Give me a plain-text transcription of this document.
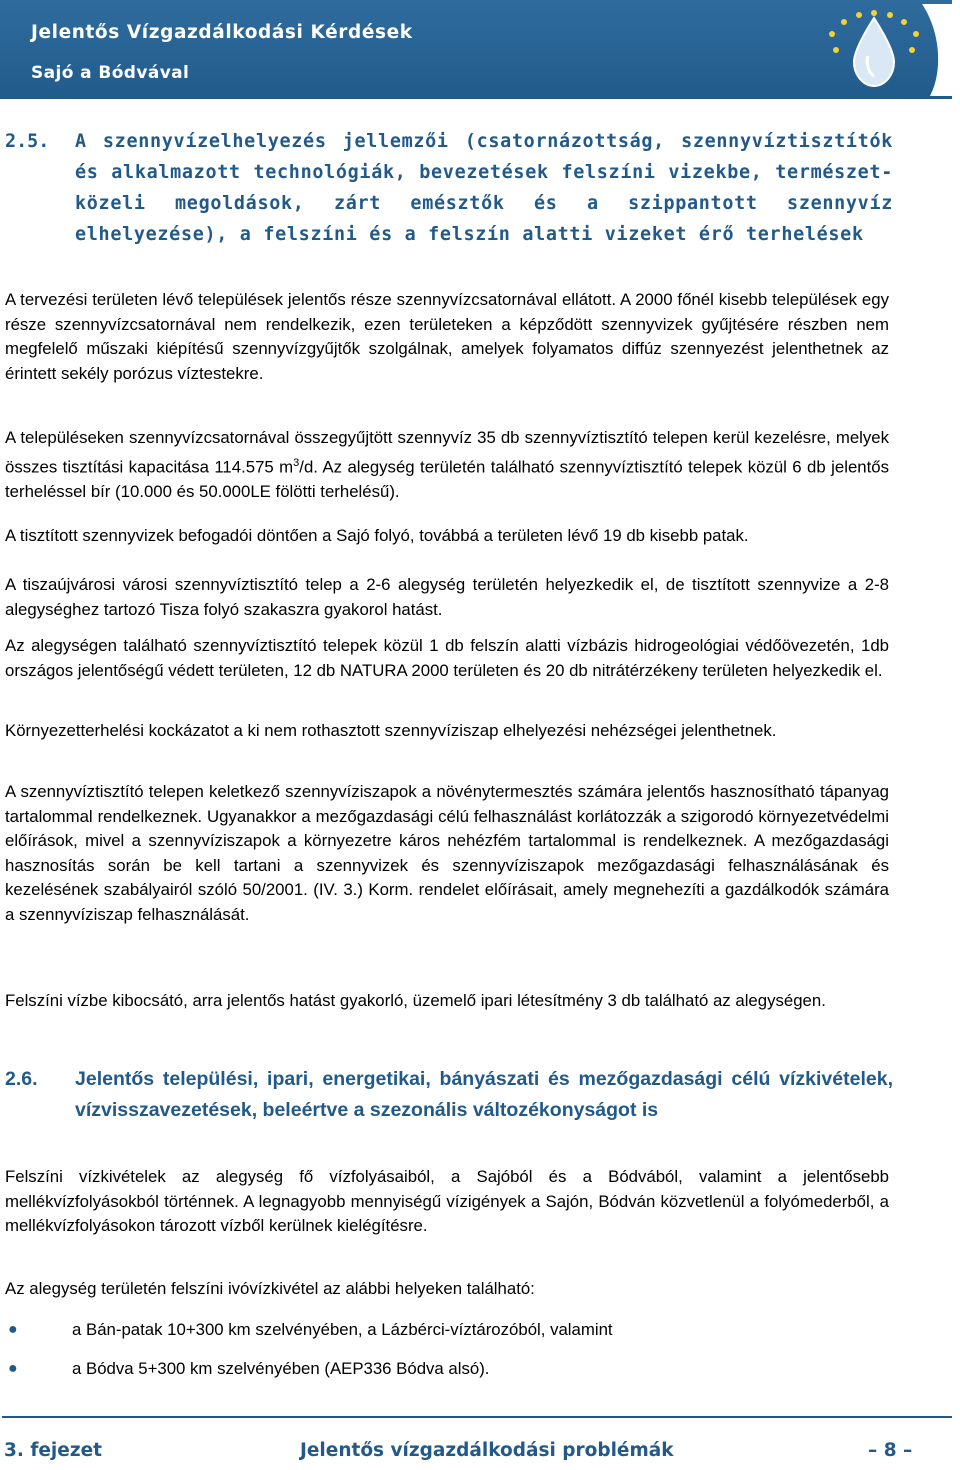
Jelentős Vízgazdálkodási Kérdések
Sajó a Bódvával
2.5. A szennyvízelhelyezés jellemzői (csatornázottság, szennyvíztisztítók és alkalmazott technológiák, bevezetések felszíni vizekbe, természet-közeli megoldások, zárt emésztők és a szippantott szennyvíz elhelyezése), a felszíni és a felszín alatti vizeket érő terhelések
A tervezési területen lévő települések jelentős része szennyvízcsatornával ellátott. A 2000 főnél kisebb települések egy része szennyvízcsatornával nem rendelkezik, ezen területeken a képződött szennyvizek gyűjtésére részben nem megfelelő műszaki kiépítésű szennyvízgyűjtők szolgálnak, amelyek folyamatos diffúz szennyezést jelenthetnek az érintett sekély porózus víztestekre.
A településeken szennyvízcsatornával összegyűjtött szennyvíz 35 db szennyvíztisztító telepen kerül kezelésre, melyek összes tisztítási kapacitása 114.575 $m^3/d$. Az alegység területén található szennyvíztisztító telepek közül 6 db jelentős terheléssel bír (10.000 és 50.000LE fölötti terhelésű).
A tisztított szennyvizek befogadói döntően a Sajó folyó, továbbá a területen lévő 19 db kisebb patak.
A tiszaújvárosi városi szennyvíztisztító telep a 2-6 alegység területén helyezkedik el, de tisztított szennyvize a 2-8 alegységhez tartozó Tisza folyó szakaszra gyakorol hatást.
Az alegységen található szennyvíztisztító telepek közül 1 db felszín alatti vízbázis hidrogeológiai védőövezetén, 1db országos jelentőségű védett területen, 12 db NATURA 2000 területen és 20 db nitrátérzékeny területen helyezkedik el.
Környezetterhelési kockázatot a ki nem rothasztott szennyvíziszap elhelyezési nehézségei jelenthetnek.
A szennyvíztisztító telepen keletkező szennyvíziszapok a növénytermesztés számára jelentős hasznosítható tápanyag tartalommal rendelkeznek. Ugyanakkor a mezőgazdasági célú felhasználást korlátozzák a szigorodó környezetvédelmi előírások, mivel a szennyvíziszapok a környezetre káros nehézfém tartalommal is rendelkeznek. A mezőgazdasági hasznosítás során be kell tartani a szennyvizek és szennyvíziszapok mezőgazdasági felhasználásának és kezelésének szabályairól szóló 50/2001. (IV. 3.) Korm. rendelet előírásait, amely megnehezíti a gazdálkodók számára a szennyvíziszap felhasználását.
Felszíni vízbe kibocsátó, arra jelentős hatást gyakorló, üzemelő ipari létesítmény 3 db található az alegységen.
2.6. Jelentős települési, ipari, energetikai, bányászati és mezőgazdasági célú vízkivételek, vízvisszavezetések, beleértve a szezonális változékonyságot is
Felszíni vízkivételek az alegység fő vízfolyásaiból, a Sajóból és a Bódvából, valamint a jelentősebb mellékvízfolyásokból történnek. A legnagyobb mennyiségű vízigények a Sajón, Bódván közvetlenül a folyómederből, a mellékvízfolyásokon tározott vízből kerülnek kielégítésre.
Az alegység területén felszíni ivóvízkivétel az alábbi helyeken található:
●	a Bán-patak 10+300 km szelvényében, a Lázbérci-víztározóból, valamint
●	a Bódva 5+300 km szelvényében (AEP336 Bódva alsó).
3. fejezet	Jelentős vízgazdálkodási problémák	– 8 –
